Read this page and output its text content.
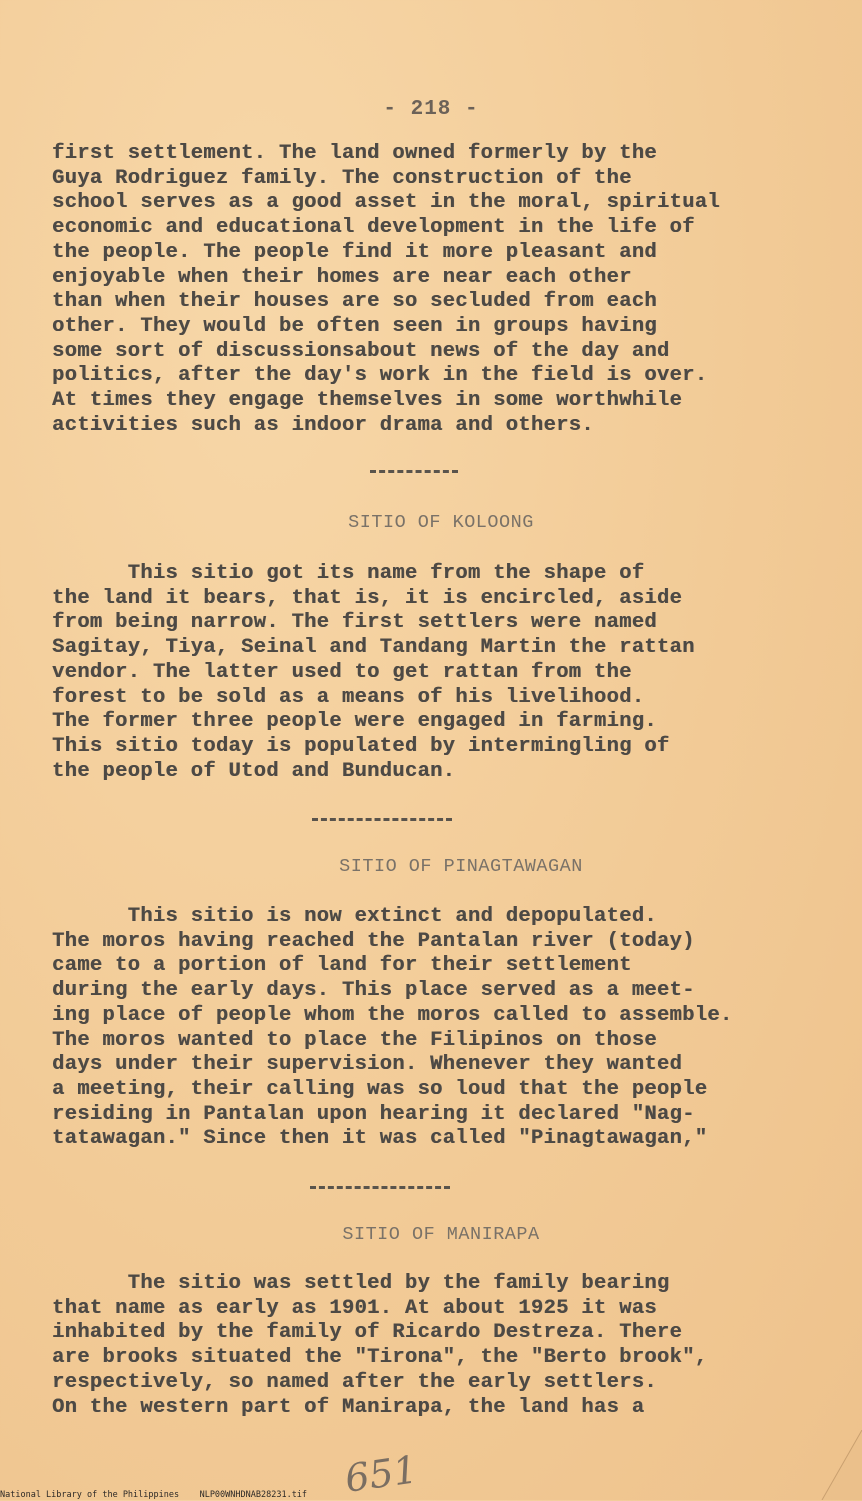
- 218 -
first settlement. The land owned formerly by the
Guya Rodriguez family. The construction of the
school serves as a good asset in the moral, spiritual
economic and educational development in the life of
the people. The people find it more pleasant and
enjoyable when their homes are near each other
than when their houses are so secluded from each
other. They would be often seen in groups having
some sort of discussionsabout news of the day and
politics, after the day's work in the field is over.
At times they engage themselves in some worthwhile
activities such as indoor drama and others.
SITIO OF KOLOONG
This sitio got its name from the shape of
the land it bears, that is, it is encircled, aside
from being narrow. The first settlers were named
Sagitay, Tiya, Seinal and Tandang Martin the rattan
vendor. The latter used to get rattan from the
forest to be sold as a means of his livelihood.
The former three people were engaged in farming.
This sitio today is populated by intermingling of
the people of Utod and Bunducan.
SITIO OF PINAGTAWAGAN
This sitio is now extinct and depopulated.
The moros having reached the Pantalan river (today)
came to a portion of land for their settlement
during the early days. This place served as a meet-
ing place of people whom the moros called to assemble.
The moros wanted to place the Filipinos on those
days under their supervision. Whenever they wanted
a meeting, their calling was so loud that the people
residing in Pantalan upon hearing it declared "Nag-
tatawagan." Since then it was called "Pinagtawagan,"
SITIO OF MANIRAPA
The sitio was settled by the family bearing
that name as early as 1901. At about 1925 it was
inhabited by the family of Ricardo Destreza. There
are brooks situated the "Tirona", the "Berto brook",
respectively, so named after the early settlers.
On the western part of Manirapa, the land has a
651
National Library of the Philippines    NLP00WNHDNAB28231.tif
